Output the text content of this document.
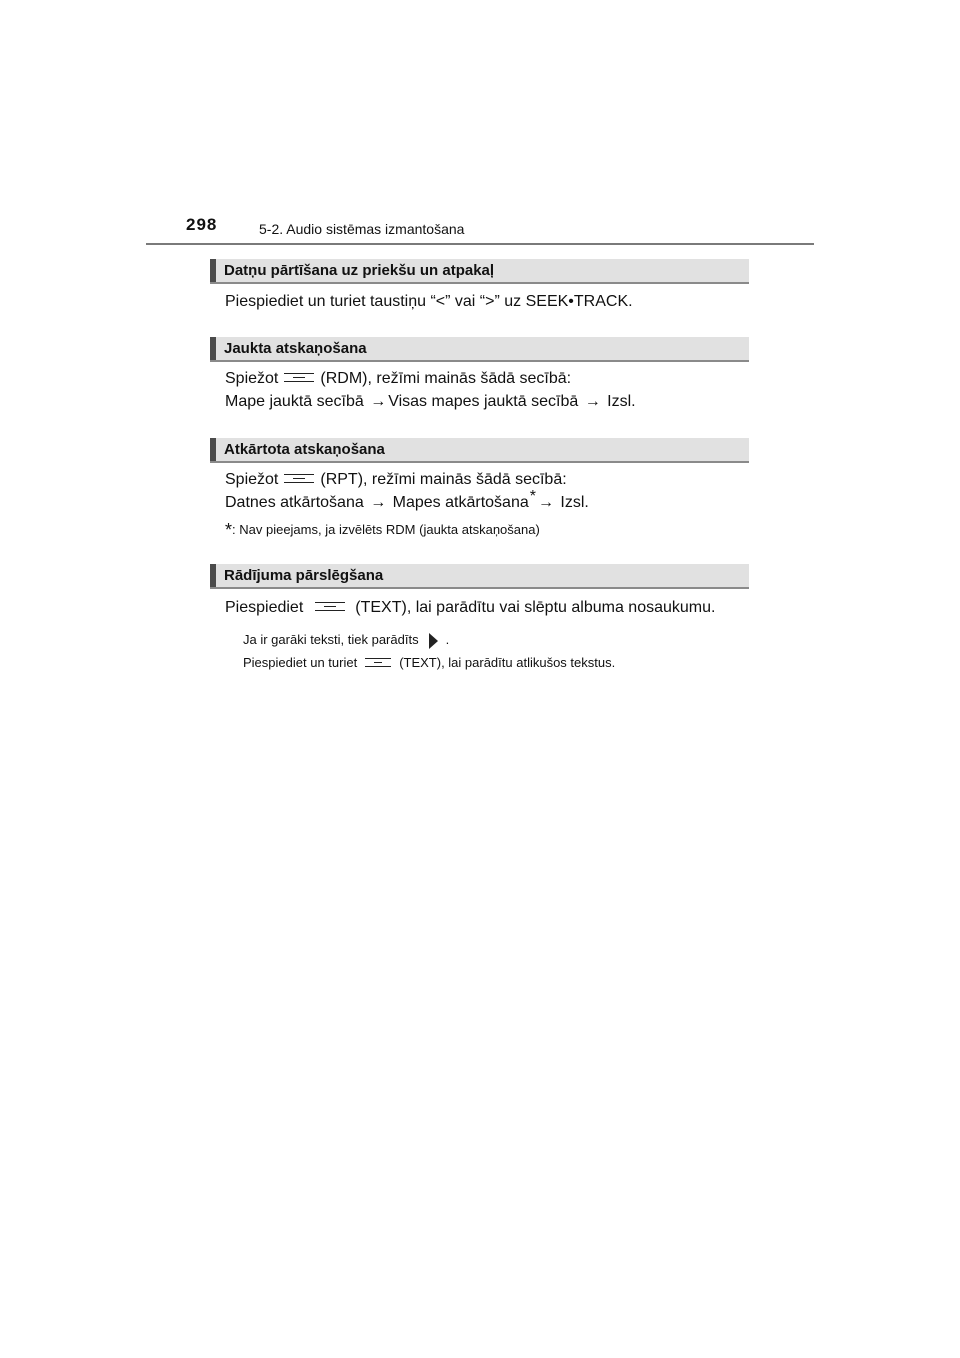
298	5-2. Audio sistēmas izmantošana
Datņu pārtīšana uz priekšu un atpakaļ
Piespiediet un turiet taustiņu “<” vai “>” uz SEEK•TRACK.
Jaukta atskaņošana
Spiežot	(RDM), režīmi mainās šādā secībā:
Mape jauktā secībā → Visas mapes jauktā secībā → Izsl.
Atkārtota atskaņošana
Spiežot	(RPT), režīmi mainās šādā secībā:
Datnes atkārtošana → Mapes atkārtošana* → Izsl.
*: Nav pieejams, ja izvēlēts RDM (jaukta atskaņošana)
Rādījuma pārslēgšana
Piespiediet	(TEXT), lai parādītu vai slēptu albuma nosaukumu.
Ja ir garāki teksti, tiek parādīts .
Piespiediet un turiet	(TEXT), lai parādītu atlikušos tekstus.
